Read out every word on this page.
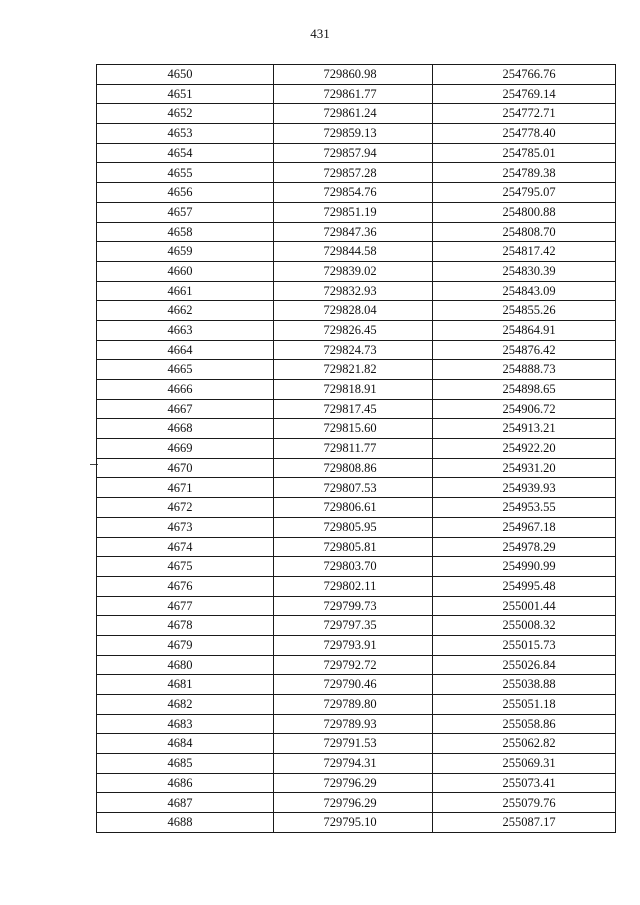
431
4650	729860.98	254766.76
4651	729861.77	254769.14
4652	729861.24	254772.71
4653	729859.13	254778.40
4654	729857.94	254785.01
4655	729857.28	254789.38
4656	729854.76	254795.07
4657	729851.19	254800.88
4658	729847.36	254808.70
4659	729844.58	254817.42
4660	729839.02	254830.39
4661	729832.93	254843.09
4662	729828.04	254855.26
4663	729826.45	254864.91
4664	729824.73	254876.42
4665	729821.82	254888.73
4666	729818.91	254898.65
4667	729817.45	254906.72
4668	729815.60	254913.21
4669	729811.77	254922.20
4670	729808.86	254931.20
4671	729807.53	254939.93
4672	729806.61	254953.55
4673	729805.95	254967.18
4674	729805.81	254978.29
4675	729803.70	254990.99
4676	729802.11	254995.48
4677	729799.73	255001.44
4678	729797.35	255008.32
4679	729793.91	255015.73
4680	729792.72	255026.84
4681	729790.46	255038.88
4682	729789.80	255051.18
4683	729789.93	255058.86
4684	729791.53	255062.82
4685	729794.31	255069.31
4686	729796.29	255073.41
4687	729796.29	255079.76
4688	729795.10	255087.17
